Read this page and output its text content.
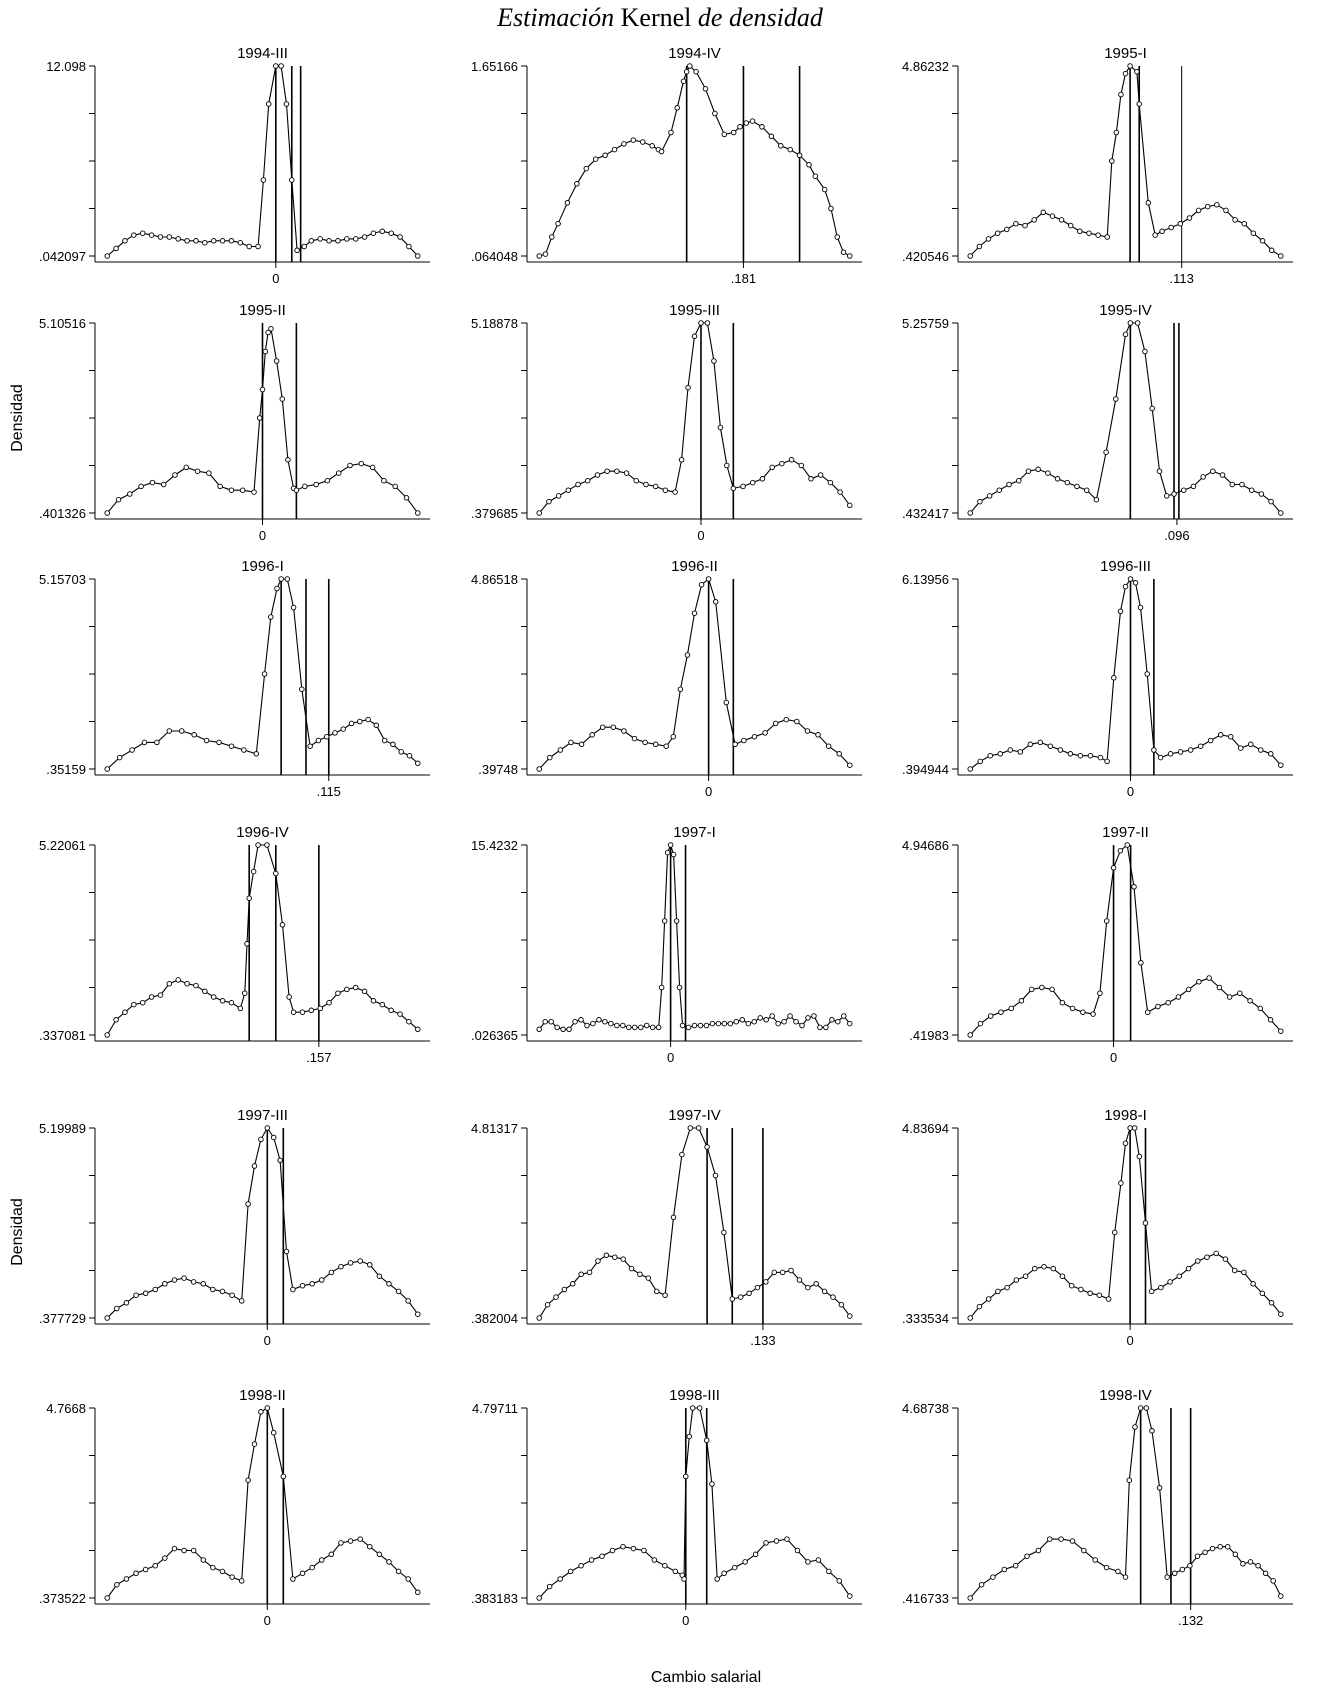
Estimación Kernel de densidad
Densidad
Densidad
Cambio salarial
1994-III
12.098
.042097
0
1994-IV
1.65166
.064048
.181
1995-I
4.86232
.420546
.113
1995-II
5.10516
.401326
0
1995-III
5.18878
.379685
0
1995-IV
5.25759
.432417
.096
1996-I
5.15703
.35159
.115
1996-II
4.86518
.39748
0
1996-III
6.13956
.394944
0
1996-IV
5.22061
.337081
.157
1997-I
15.4232
.026365
0
1997-II
4.94686
.41983
0
1997-III
5.19989
.377729
0
1997-IV
4.81317
.382004
.133
1998-I
4.83694
.333534
0
1998-II
4.7668
.373522
0
1998-III
4.79711
.383183
0
1998-IV
4.68738
.416733
.132
